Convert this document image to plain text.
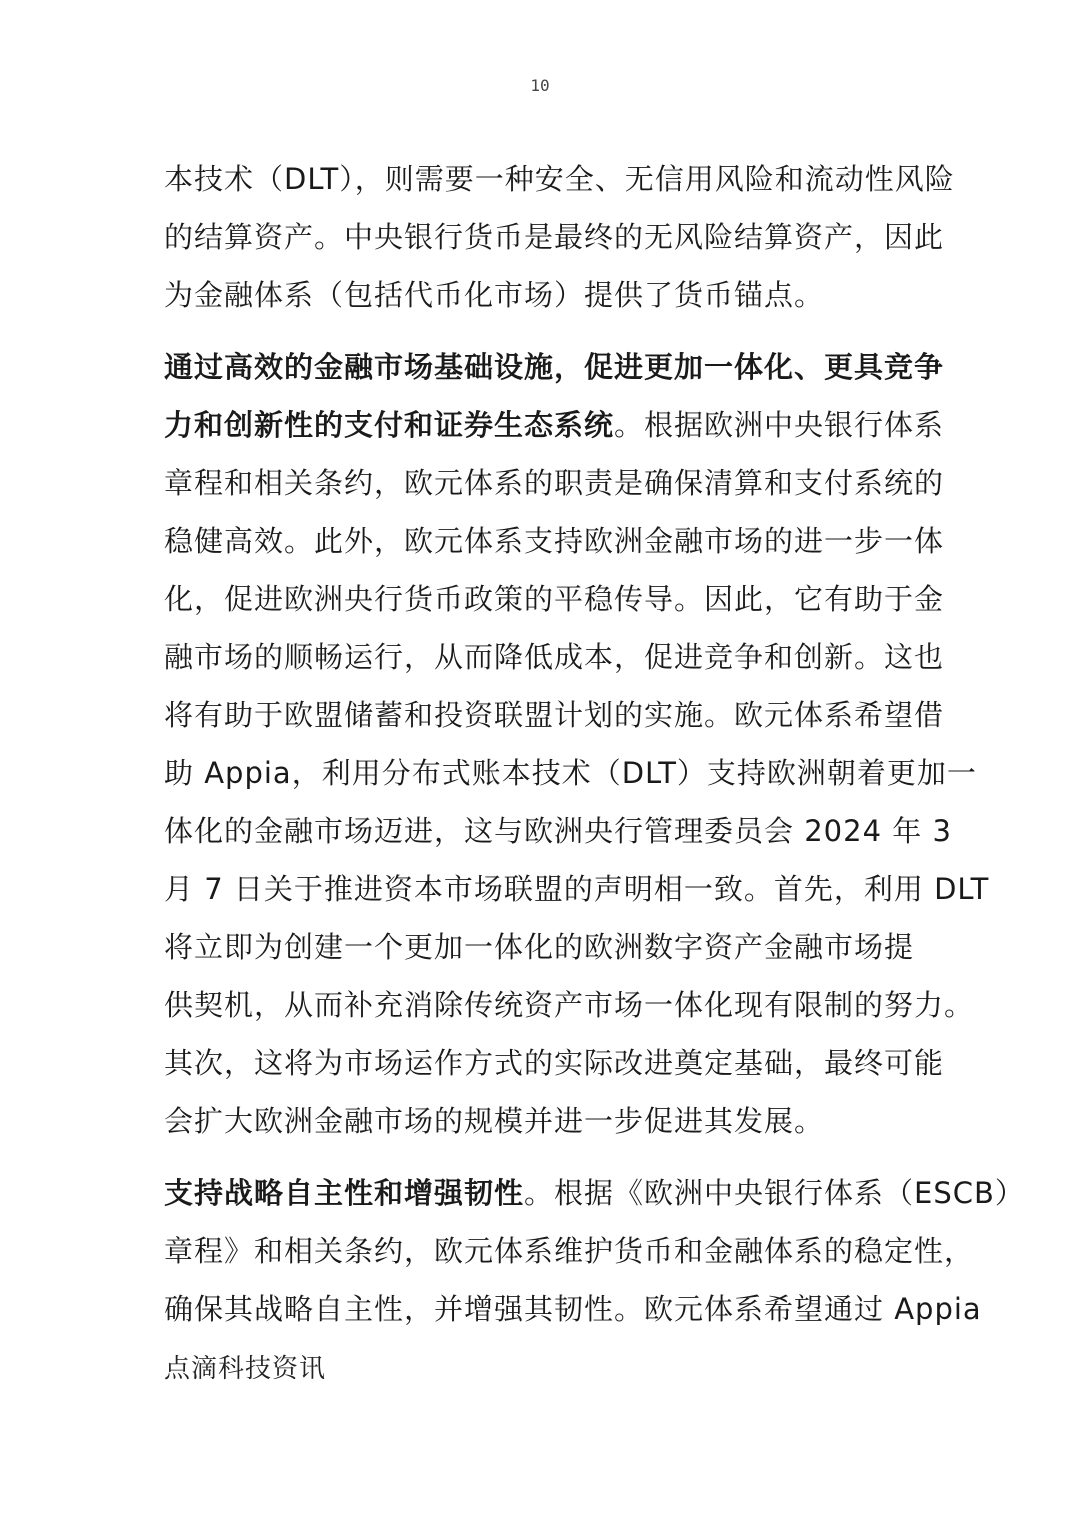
10
本技术（DLT），则需要一种安全、无信用风险和流动性风险
的结算资产。中央银行货币是最终的无风险结算资产，因此
为金融体系（包括代币化市场）提供了货币锚点。
通过高效的金融市场基础设施，促进更加一体化、更具竞争
力和创新性的支付和证券生态系统。根据欧洲中央银行体系
章程和相关条约，欧元体系的职责是确保清算和支付系统的
稳健高效。此外，欧元体系支持欧洲金融市场的进一步一体
化，促进欧洲央行货币政策的平稳传导。因此，它有助于金
融市场的顺畅运行，从而降低成本，促进竞争和创新。这也
将有助于欧盟储蓄和投资联盟计划的实施。欧元体系希望借
助 Appia，利用分布式账本技术（DLT）支持欧洲朝着更加一
体化的金融市场迈进，这与欧洲央行管理委员会 2024 年 3
月 7 日关于推进资本市场联盟的声明相一致。首先，利用 DLT
将立即为创建一个更加一体化的欧洲数字资产金融市场提
供契机，从而补充消除传统资产市场一体化现有限制的努力。
其次，这将为市场运作方式的实际改进奠定基础，最终可能
会扩大欧洲金融市场的规模并进一步促进其发展。
支持战略自主性和增强韧性。根据《欧洲中央银行体系（ESCB）
章程》和相关条约，欧元体系维护货币和金融体系的稳定性，
确保其战略自主性，并增强其韧性。欧元体系希望通过 Appia
点滴科技资讯
